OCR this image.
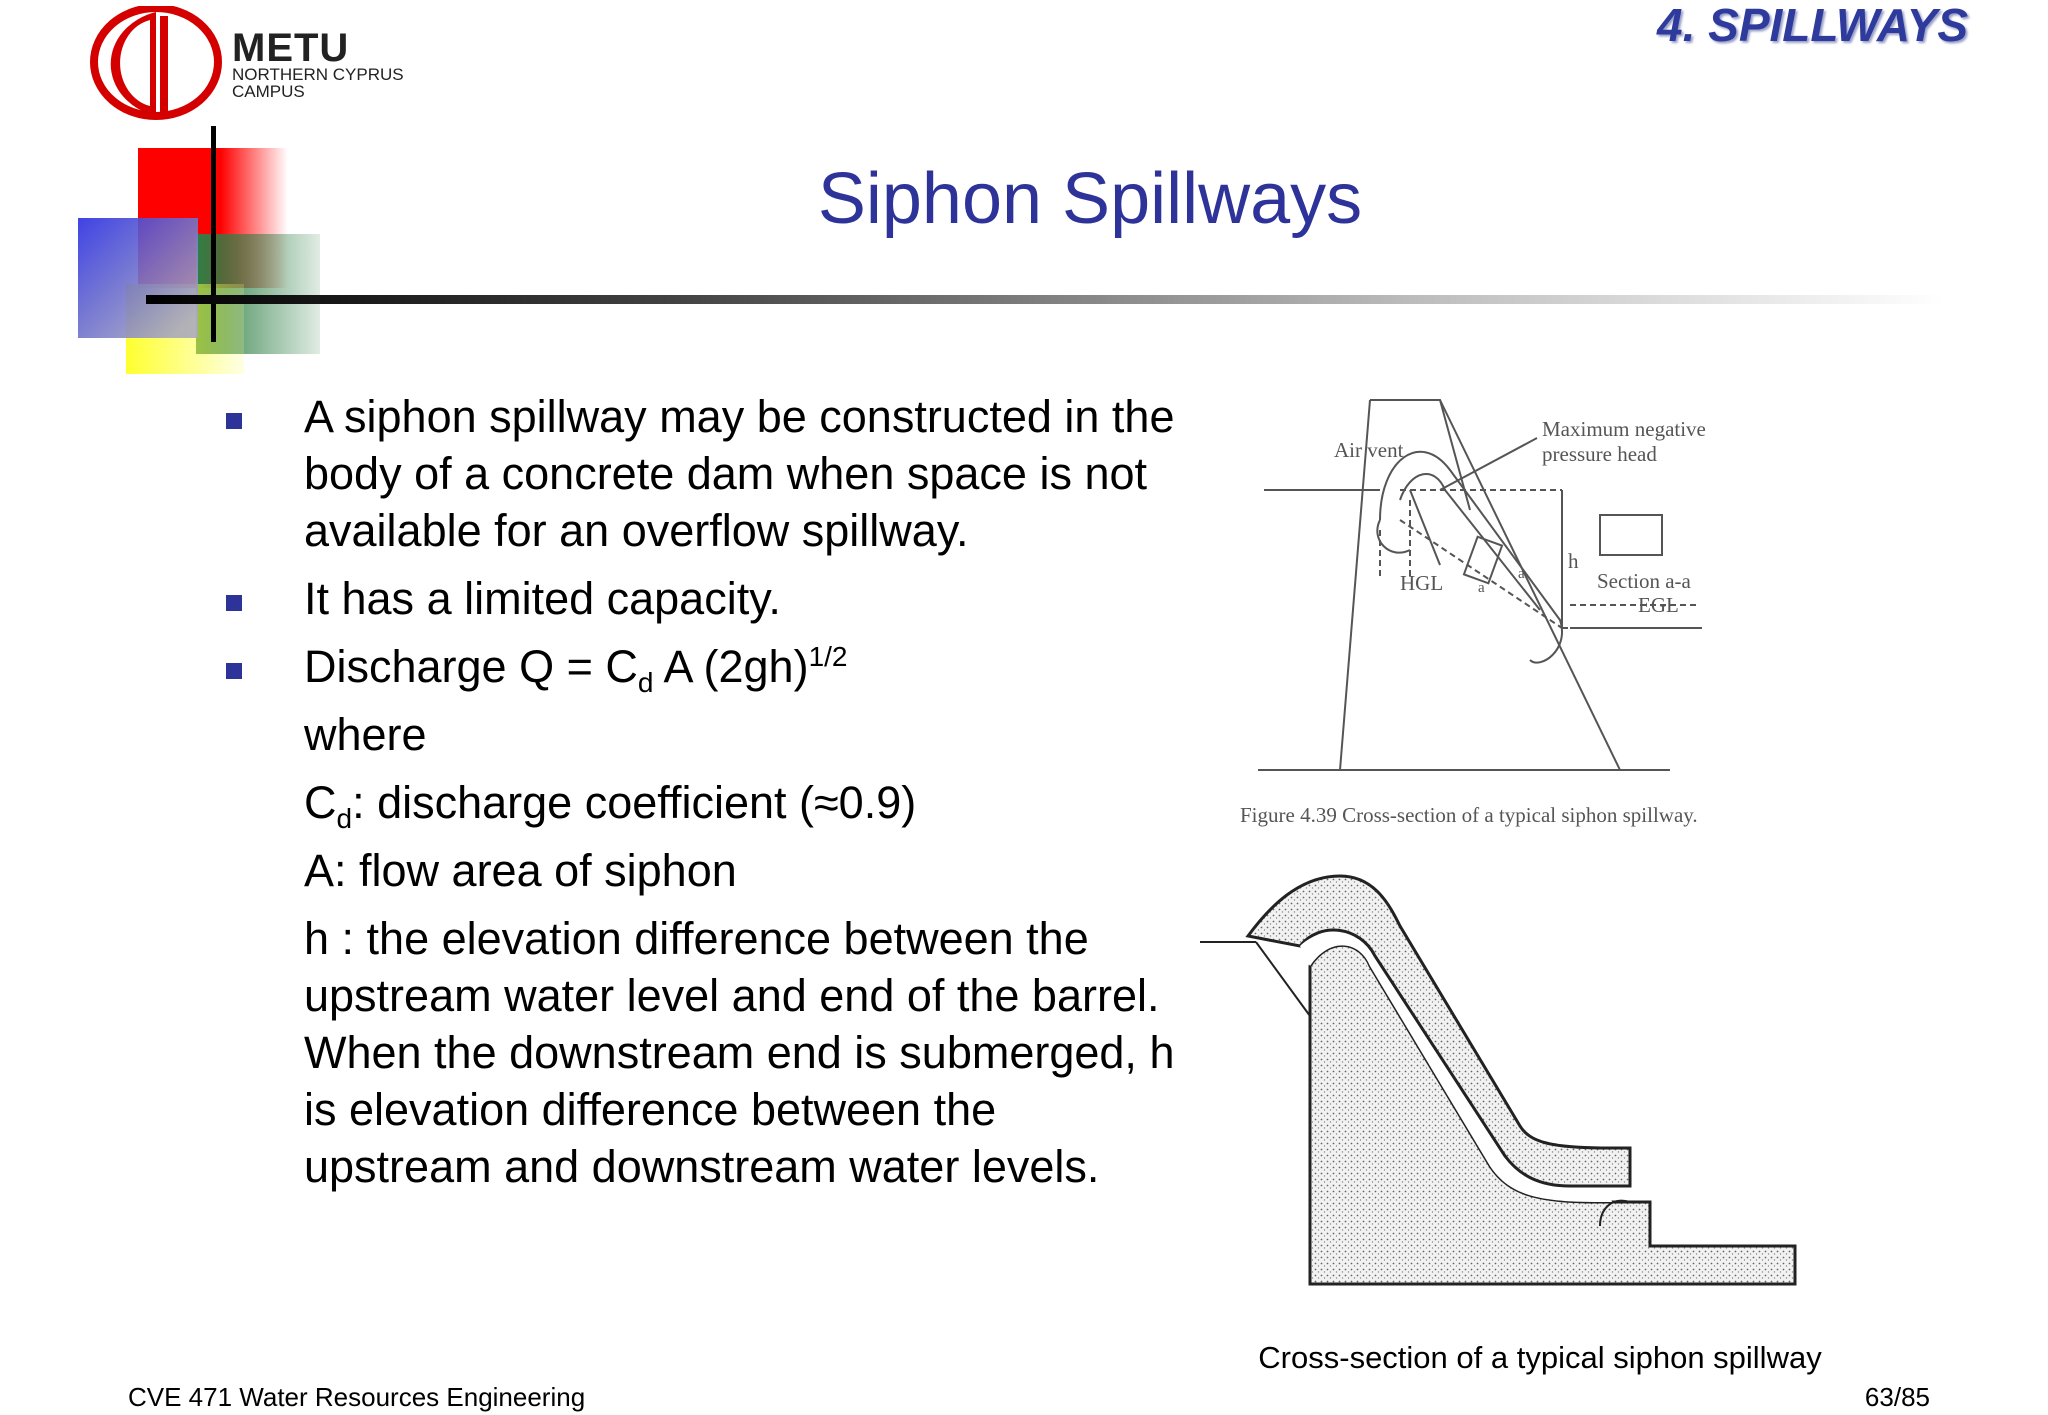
METU
NORTHERN CYPRUS
CAMPUS
4. SPILLWAYS
Siphon Spillways
A siphon spillway may be constructed in the body of a concrete dam when space is not available for an overflow spillway.
It has a limited capacity.
Discharge $Q = C_d$ A $(2gh)^{1/2}$
where
$C_d$: discharge coefficient (≈0.9)
A: flow area of siphon
h : the elevation difference between the upstream water level and end of the barrel. When the downstream end is submerged, h is elevation difference between the upstream and downstream water levels.
Air vent
Maximum negative
pressure head
HGL
h
Section a-a
EGL
a
a
Figure 4.39 Cross-section of a typical siphon spillway.
Cross-section of a typical siphon spillway
CVE 471 Water Resources Engineering	63/85
